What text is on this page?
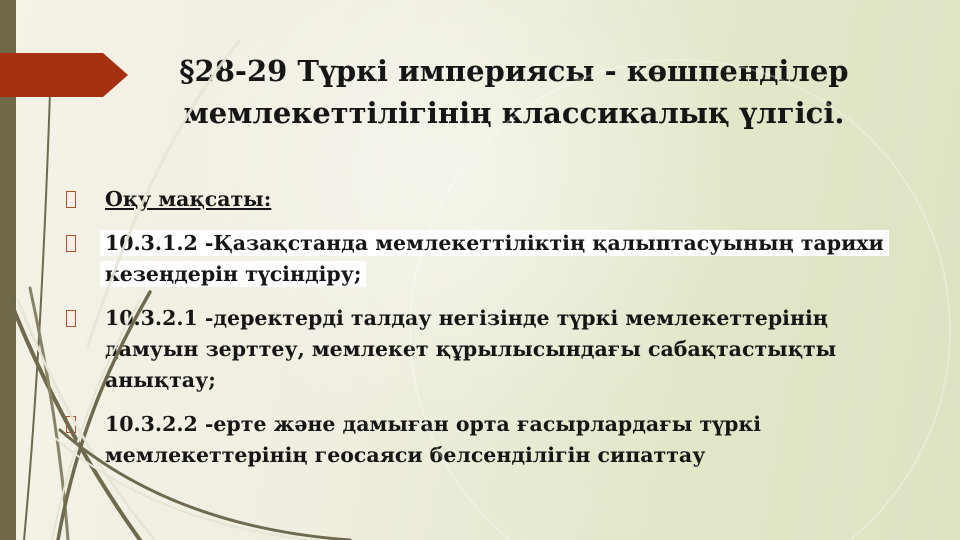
§28-29 Түркі империясы - көшпенділер
мемлекеттілігінің классикалық үлгісі.
Оқу мақсаты:
10.3.1.2 -Қазақстанда мемлекеттіліктің қалыптасуының тарихи кезеңдерін түсіндіру;
10.3.2.1 -деректерді талдау негізінде түркі мемлекеттерінің дамуын зерттеу, мемлекет құрылысындағы сабақтастықты анықтау;
10.3.2.2 -ерте және дамыған орта ғасырлардағы түркі мемлекеттерінің геосаяси белсенділігін сипаттау
